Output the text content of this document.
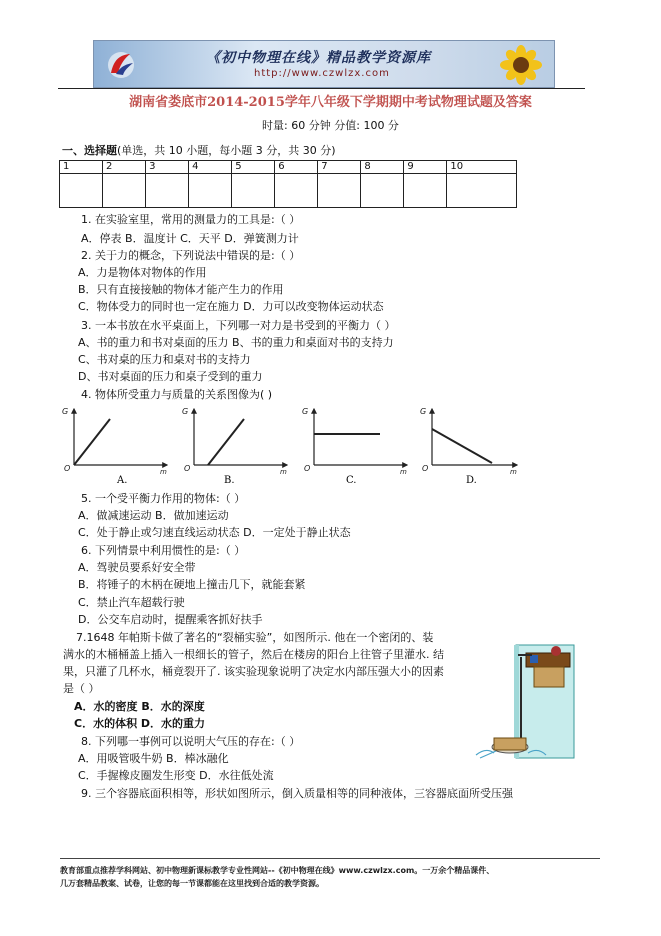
《初中物理在线》精品教学资源库
http://www.czwlzx.com
湖南省娄底市2014-2015学年八年级下学期期中考试物理试题及答案
时量: 60 分钟 分值: 100 分
一、选择题(单选，共 10 小题，每小题 3 分，共 30 分)
1	2	3	4	5	6	7	8	9	10

1. 在实验室里，常用的测量力的工具是:（ ）
A．停表 B．温度计 C．天平 D．弹簧测力计
2. 关于力的概念，下列说法中错误的是:（ ）
A．力是物体对物体的作用
B．只有直接接触的物体才能产生力的作用
C．物体受力的同时也一定在施力 D．力可以改变物体运动状态
3. 一本书放在水平桌面上，下列哪一对力是书受到的平衡力（ ）
A、书的重力和书对桌面的压力 B、书的重力和桌面对书的支持力
C、书对桌的压力和桌对书的支持力
D、书对桌面的压力和桌子受到的重力
4. 物体所受重力与质量的关系图像为( )
G
O	m
G
O	m
G
O	m
G
O	m
A.	B.	C.	D.
5. 一个受平衡力作用的物体:（ ）
A．做减速运动 B．做加速运动
C．处于静止或匀速直线运动状态 D．一定处于静止状态
6. 下列情景中利用惯性的是:（ ）
A．驾驶员要系好安全带
B．将锤子的木柄在硬地上撞击几下，就能套紧
C．禁止汽车超载行驶
D．公交车启动时，提醒乘客抓好扶手
7.1648 年帕斯卡做了著名的“裂桶实验”，如图所示. 他在一个密闭的、装
满水的木桶桶盖上插入一根细长的管子，然后在楼房的阳台上往管子里灌水. 结
果，只灌了几杯水，桶竟裂开了. 该实验现象说明了决定水内部压强大小的因素
是（ ）
A．水的密度 B．水的深度
C．水的体积 D．水的重力
8. 下列哪一事例可以说明大气压的存在:（ ）
A．用吸管吸牛奶 B．棒冰融化
C．手握橡皮圈发生形变 D．水往低处流
9. 三个容器底面积相等，形状如图所示，倒入质量相等的同种液体，三容器底面所受压强
教育部重点推荐学科网站、初中物理新课标教学专业性网站--《初中物理在线》www.czwlzx.com。一万余个精品课件、
几万套精品教案、试卷，让您的每一节课都能在这里找到合适的教学资源。
